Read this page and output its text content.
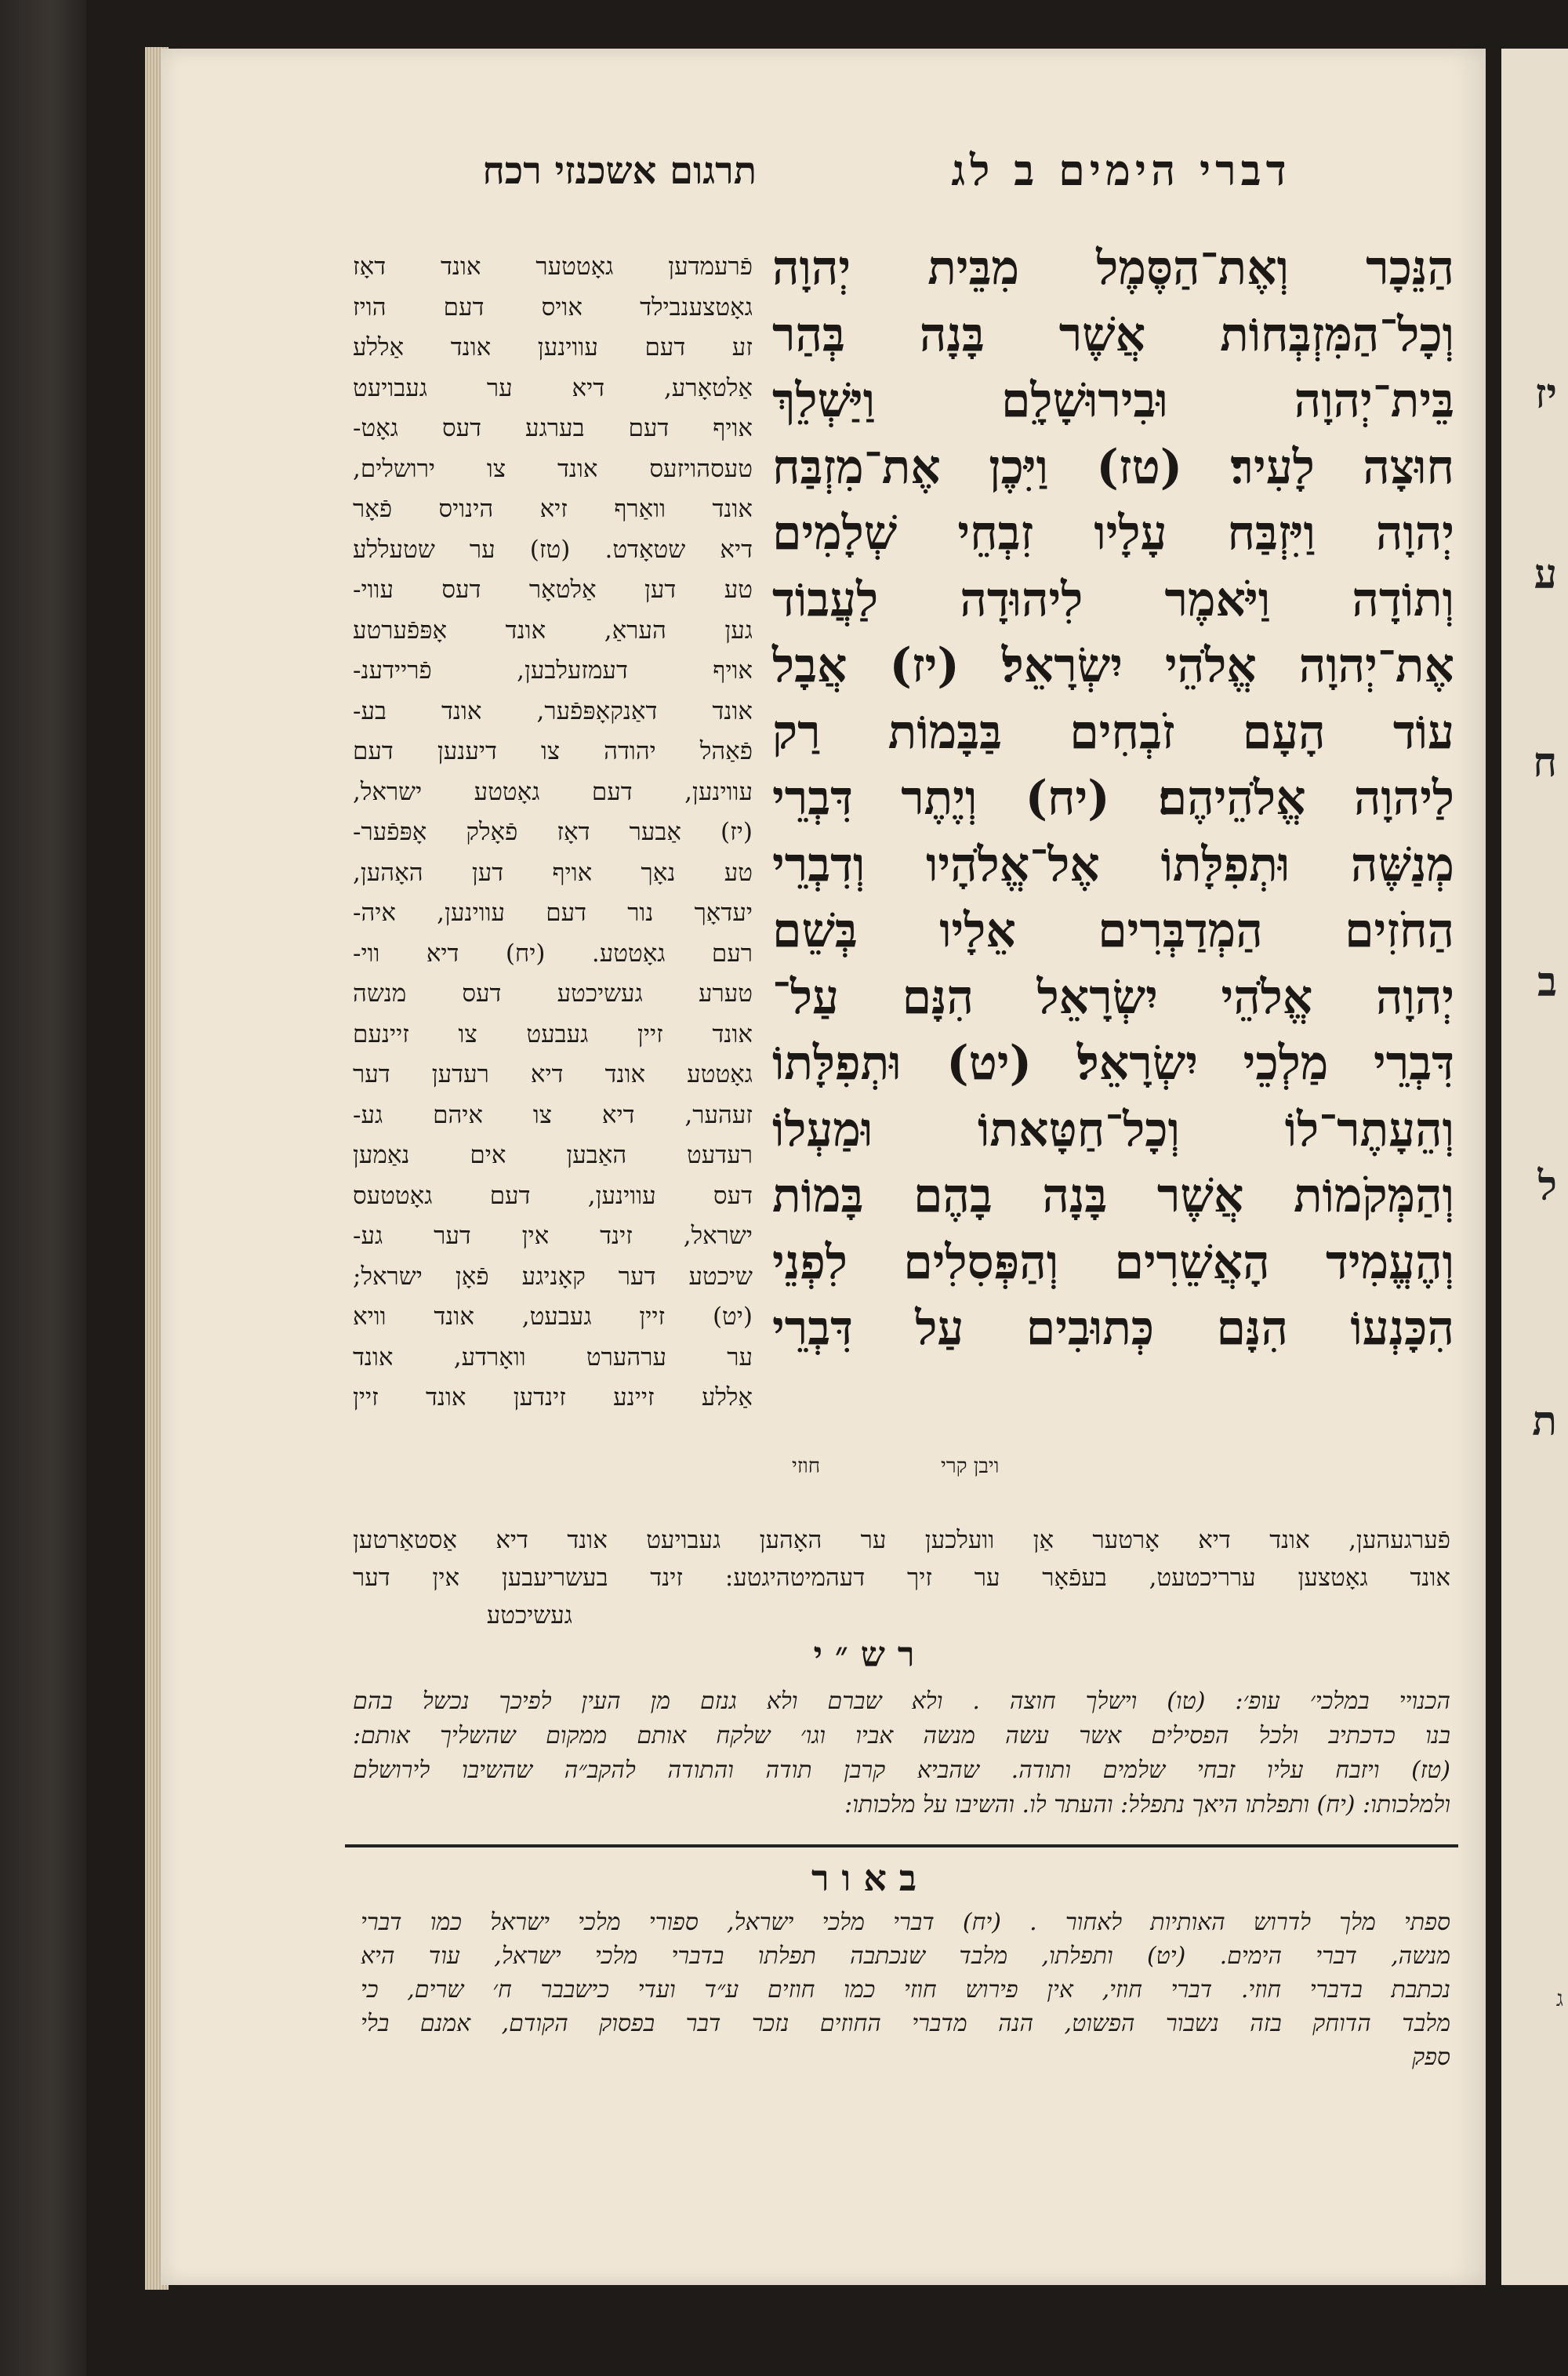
יז
ע
ח
ב
ל
ת
ג
דברי הימים ב לג
תרגום אשכנזי רכח
הַנֵּכָר וְאֶת־הַסֶּמֶל מִבֵּית יְהוָה
וְכָל־הַמִּזְבְּחוֹת אֲשֶׁר בָּנָה בְּהַר
בֵּית־יְהוָה וּבִירוּשָׁלִָם וַיַּשְׁלֵךְ
חוּצָה לָעִיר׃ (טז) וַיִּכֶן אֶת־מִזְבַּח
יְהוָה וַיִּזְבַּח עָלָיו זִבְחֵי שְׁלָמִים
וְתוֹדָה וַיֹּאמֶר לִיהוּדָה לַעֲבוֹד
אֶת־יְהוָה אֱלֹהֵי יִשְׂרָאֵל׃ (יז) אֲבָל
עוֹד הָעָם זֹבְחִים בַּבָּמוֹת רַק
לַיהוָה אֱלֹהֵיהֶם׃ (יח) וְיֶתֶר דִּבְרֵי
מְנַשֶּׁה וּתְפִלָּתוֹ אֶל־אֱלֹהָיו וְדִבְרֵי
הַחֹזִים הַמְדַבְּרִים אֵלָיו בְּשֵׁם
יְהוָה אֱלֹהֵי יִשְׂרָאֵל הִנָּם עַל־
דִּבְרֵי מַלְכֵי יִשְׂרָאֵל׃ (יט) וּתְפִלָּתוֹ
וְהֵעָתֶר־לוֹ וְכָל־חַטָּאתוֹ וּמַעְלוֹ
וְהַמְּקֹמוֹת אֲשֶׁר בָּנָה בָהֶם בָּמוֹת
וְהֶעֱמִיד הָאֲשֵׁרִים וְהַפְּסִלִים לִפְנֵי
הִכָּנְעוֹ הִנָּם כְּתוּבִים עַל דִּבְרֵי
ויבן קרי
חוזי
פֿרעמדען גאָטטער אונד דאָז
גאָטצענבילד אויס דעם הויז
זע דעם עווינען אונד אַללע
אַלטאָרע, דיא ער געבויעט
אויף דעם בערגע דעס גאָט-
טעסהויזעס אונד צו ירושלים,
אונד וואַרף זיא הינויס פֿאָר
דיא שטאָדט. (טז) ער שטעללע
טע דען אַלטאָר דעס עווי-
גען העראַ, אונד אָפּפֿערטע
אויף דעמזעלבען, פֿריידענ-
אונד דאַנקאָפּפֿער, אונד בע-
פֿאַהל יהודה צו דיענען דעם
עווינען, דעם גאָטטע ישראל,
(יז) אַבער דאָז פֿאָלק אָפּפֿער-
טע נאָך אויף דען האָהען,
יעדאָך נור דעם עווינען, איה-
רעם גאָטטע. (יח) דיא ווי-
טערע געשיכטע דעס מנשה
אונד זיין געבעט צו זיינעם
גאָטטע אונד דיא רעדען דער
זעהער, דיא צו איהם גע-
רעדעט האַבען אים נאַמען
דעס עווינען, דעם גאָטטעס
ישראל, זינד אין דער גע-
שיכטע דער קאָניגע פֿאָן ישראל;
(יט) זיין געבעט, אונד וויא
ער ערהערט וואָרדע, אונד
אַללע זיינע זינדען אונד זיין
פֿערגעהען, אונד דיא אָרטער אַן וועלכען ער האָהען געבויעט אונד דיא אַסטאַרטען
אונד גאָטצען ערריכטעט, בעפֿאָר ער זיך דעהמיטהיגטע: זינד בעשריעבען אין דער
געשיכטע
רש״י
הכנויי במלכי׳ עופ׳: (טו) וישלך חוצה . ולא שברם ולא גנזם מן העין לפיכך נכשל בהם
בנו כדכתיב ולכל הפסילים אשר עשה מנשה אביו וגו׳ שלקח אותם ממקום שהשליך אותם:
(טז) ויזבח עליו זבחי שלמים ותודה. שהביא קרבן תודה והתודה להקב״ה שהשיבו לירושלם
ולמלכותו: (יח) ותפלתו היאך נתפלל: והעתר לו. והשיבו על מלכותו:
באור
ספתי מלך לדרוש האותיות לאחור . (יח) דברי מלכי ישראל, ספורי מלכי ישראל כמו דברי
מנשה, דברי הימים. (יט) ותפלתו, מלבד שנכתבה תפלתו בדברי מלכי ישראל, עוד היא
נכתבת בדברי חוזי. דברי חוזי, אין פירוש חוזי כמו חוזים ע״ד ועדי כישבבר ח׳ שרים, כי
מלבד הדוחק בזה נשבור הפשוט, הנה מדברי החוזים נזכר דבר בפסוק הקודם, אמנם בלי
ספק
